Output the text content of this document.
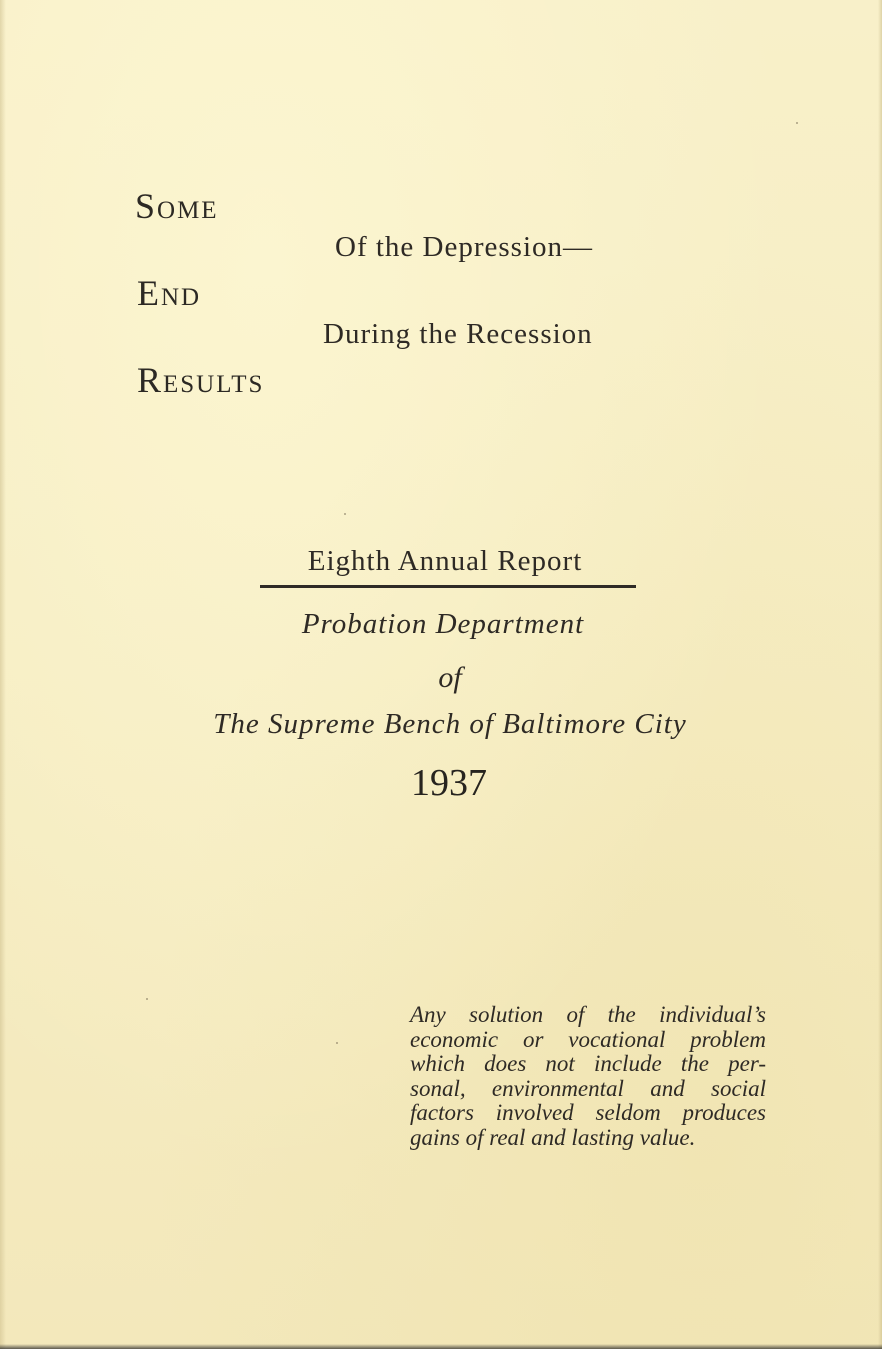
Some
Of the Depression—
End
During the Recession
Results
Eighth Annual Report
Probation Department
of
The Supreme Bench of Baltimore City
1937
Any solution of the individual’s
economic or vocational problem
which does not include the per-
sonal, environmental and social
factors involved seldom produces
gains of real and lasting value.
